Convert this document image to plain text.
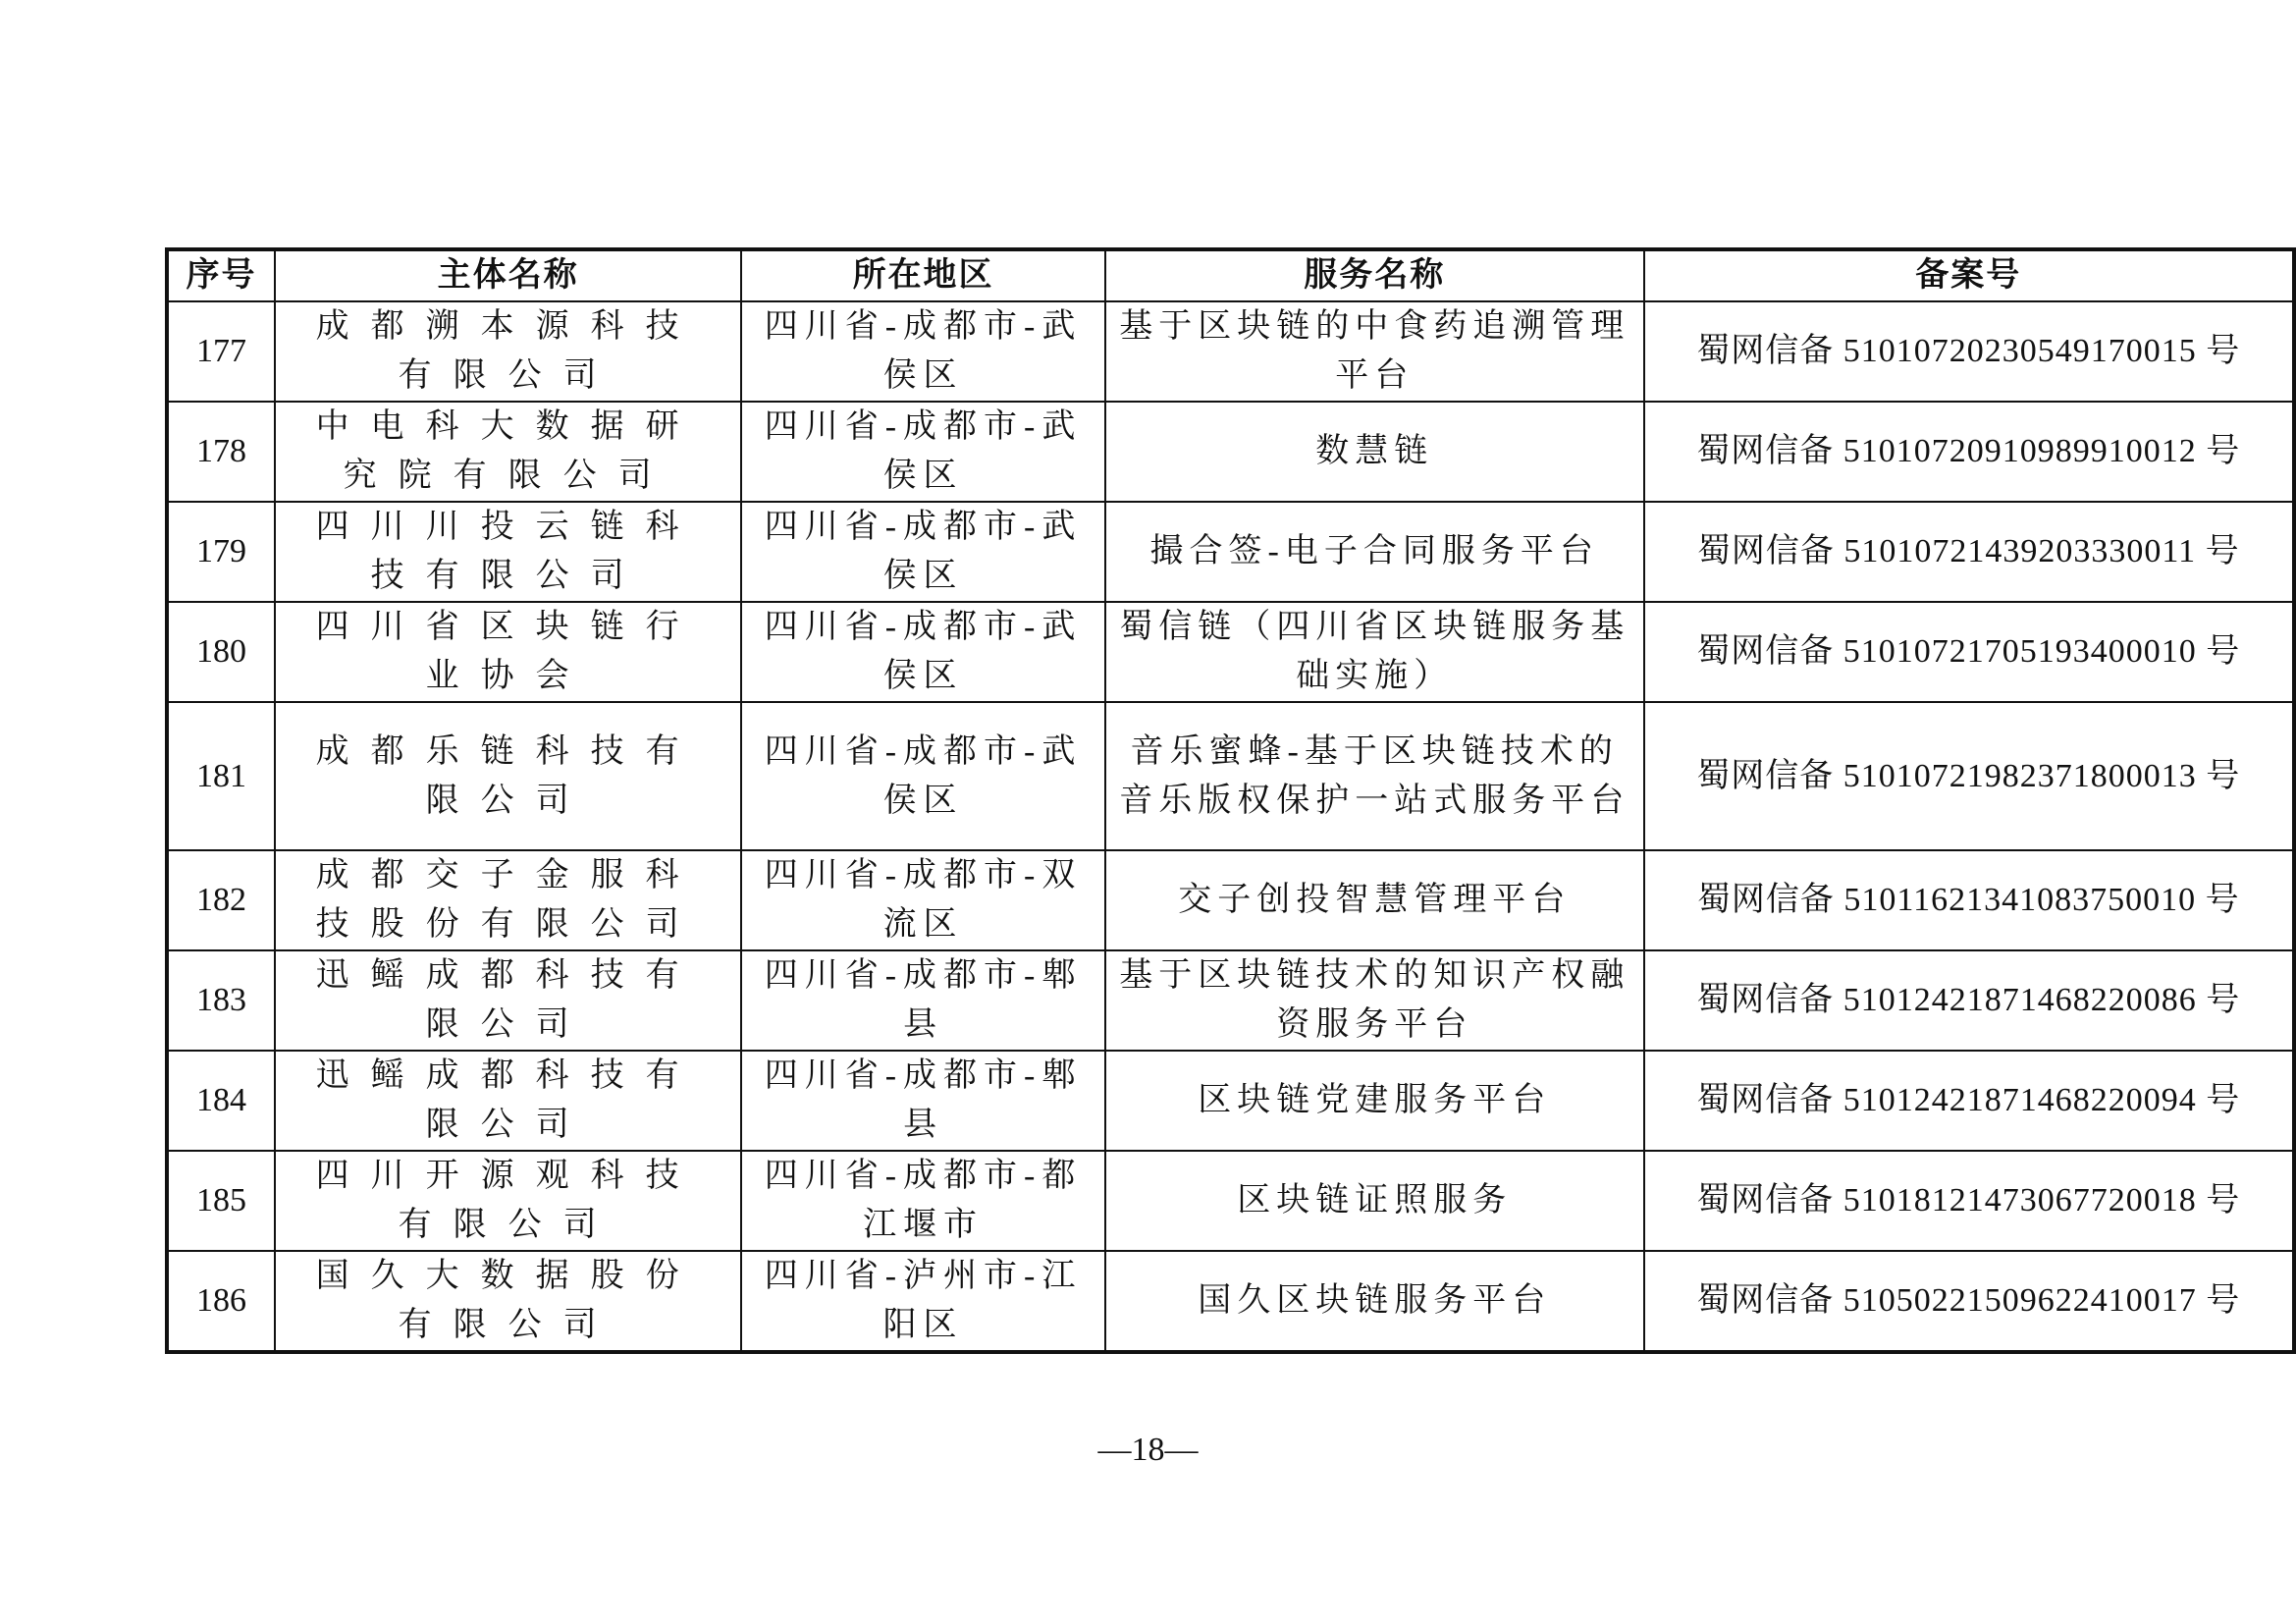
序号	主体名称	所在地区	服务名称	备案号
177	成都溯本源科技有限公司	四川省-成都市-武侯区	基于区块链的中食药追溯管理平台	蜀网信备 51010720230549170015 号
178	中电科大数据研究院有限公司	四川省-成都市-武侯区	数慧链	蜀网信备 51010720910989910012 号
179	四川川投云链科技有限公司	四川省-成都市-武侯区	撮合签-电子合同服务平台	蜀网信备 51010721439203330011 号
180	四川省区块链行业协会	四川省-成都市-武侯区	蜀信链（四川省区块链服务基础实施）	蜀网信备 51010721705193400010 号
181	成都乐链科技有限公司	四川省-成都市-武侯区	音乐蜜蜂-基于区块链技术的音乐版权保护一站式服务平台	蜀网信备 51010721982371800013 号
182	成都交子金服科技股份有限公司	四川省-成都市-双流区	交子创投智慧管理平台	蜀网信备 51011621341083750010 号
183	迅鳐成都科技有限公司	四川省-成都市-郫县	基于区块链技术的知识产权融资服务平台	蜀网信备 51012421871468220086 号
184	迅鳐成都科技有限公司	四川省-成都市-郫县	区块链党建服务平台	蜀网信备 51012421871468220094 号
185	四川开源观科技有限公司	四川省-成都市-都江堰市	区块链证照服务	蜀网信备 51018121473067720018 号
186	国久大数据股份有限公司	四川省-泸州市-江阳区	国久区块链服务平台	蜀网信备 51050221509622410017 号
—18—
